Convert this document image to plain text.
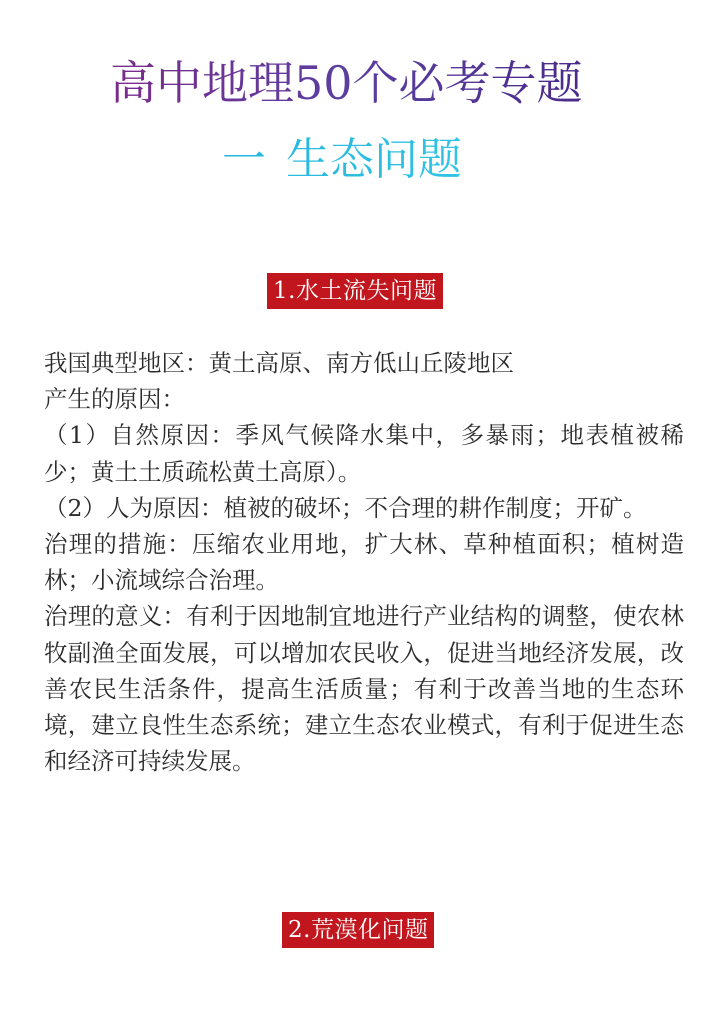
高中地理50个必考专题
一 生态问题
1.水土流失问题

我国典型地区：黄土高原、南方低山丘陵地区

产生的原因：

（1）自然原因：季风气候降水集中，多暴雨；地表植被稀少；黄土土质疏松黄土高原）。

（2）人为原因：植被的破坏；不合理的耕作制度；开矿。

治理的措施：压缩农业用地，扩大林、草种植面积；植树造林；小流域综合治理。

治理的意义：有利于因地制宜地进行产业结构的调整，使农林牧副渔全面发展，可以增加农民收入，促进当地经济发展，改善农民生活条件，提高生活质量；有利于改善当地的生态环境，建立良性生态系统；建立生态农业模式，有利于促进生态和经济可持续发展。

2.荒漠化问题
